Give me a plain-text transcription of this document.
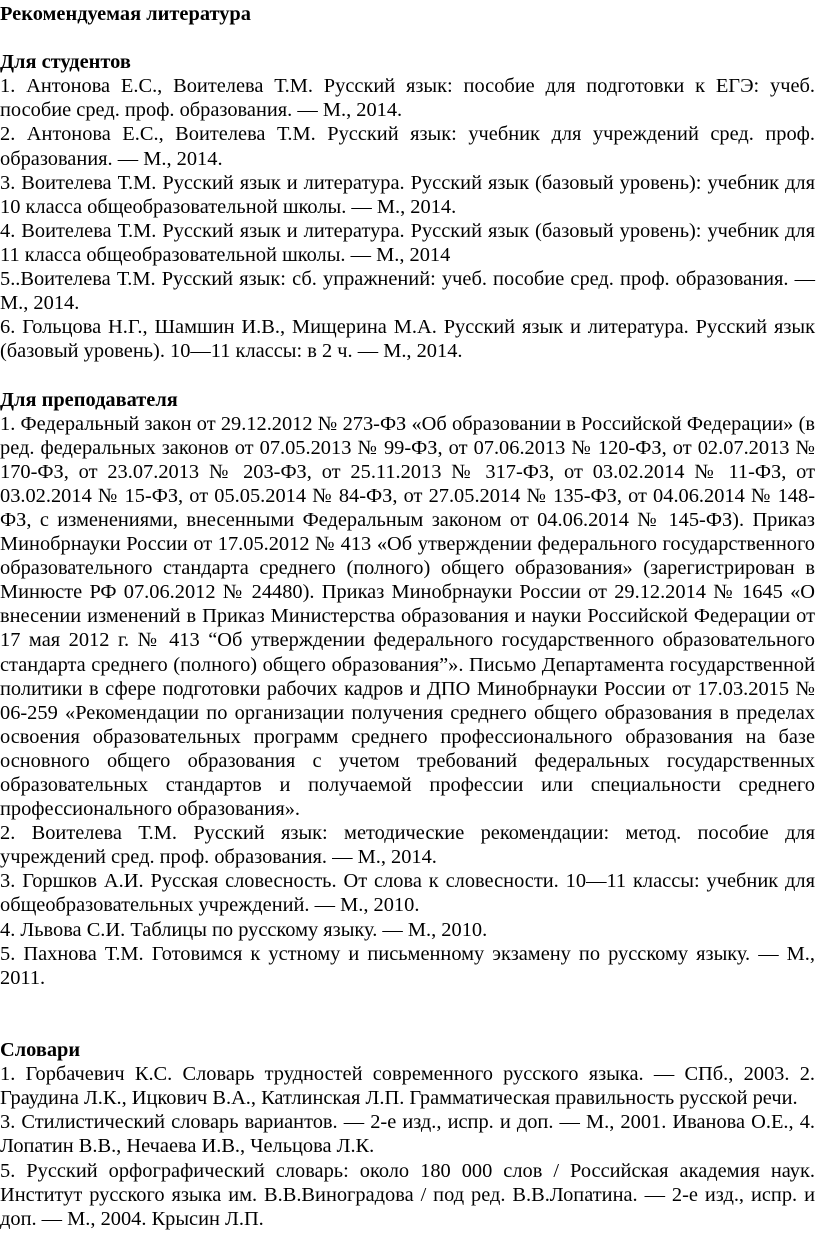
Рекомендуемая литература

Для студентов

1. Антонова Е.С., Воителева Т.М. Русский язык: пособие для подготовки к ЕГЭ: учеб. пособие сред. проф. образования. — М., 2014.

2. Антонова Е.С., Воителева Т.М. Русский язык: учебник для учреждений сред. проф. образования. — М., 2014.

3. Воителева Т.М. Русский язык и литература. Русский язык (базовый уровень): учебник для 10 класса общеобразовательной школы. — М., 2014.

4. Воителева Т.М. Русский язык и литература. Русский язык (базовый уровень): учебник для 11 класса общеобразовательной школы. — М., 2014

5..Воителева Т.М. Русский язык: сб. упражнений: учеб. пособие сред. проф. образования. — М., 2014.

6. Гольцова Н.Г., Шамшин И.В., Мищерина М.А. Русский язык и литература. Русский язык (базовый уровень). 10—11 классы: в 2 ч. — М., 2014.

Для преподавателя

1. Федеральный закон от 29.12.2012 № 273-ФЗ «Об образовании в Российской Федерации» (в ред. федеральных законов от 07.05.2013 № 99-ФЗ, от 07.06.2013 № 120-ФЗ, от 02.07.2013 № 170-ФЗ, от 23.07.2013 № 203-ФЗ, от 25.11.2013 № 317-ФЗ, от 03.02.2014 № 11-ФЗ, от 03.02.2014 № 15-ФЗ, от 05.05.2014 № 84-ФЗ, от 27.05.2014 № 135-ФЗ, от 04.06.2014 № 148-ФЗ, с изменениями, внесенными Федеральным законом от 04.06.2014 № 145-ФЗ). Приказ Минобрнауки России от 17.05.2012 № 413 «Об утверждении федерального государственного образовательного стандарта среднего (полного) общего образования» (зарегистрирован в Минюсте РФ 07.06.2012 № 24480). Приказ Минобрнауки России от 29.12.2014 № 1645 «О внесении изменений в Приказ Министерства образования и науки Российской Федерации от 17 мая 2012 г. № 413 “Об утверждении федерального государственного образовательного стандарта среднего (полного) общего образования”». Письмо Департамента государственной политики в сфере подготовки рабочих кадров и ДПО Минобрнауки России от 17.03.2015 № 06-259 «Рекомендации по организации получения среднего общего образования в пределах освоения образовательных программ среднего профессионального образования на базе основного общего образования с учетом требований федеральных государственных образовательных стандартов и получаемой профессии или специальности среднего профессионального образования».

2. Воителева Т.М. Русский язык: методические рекомендации: метод. пособие для учреждений сред. проф. образования. — М., 2014.

3. Горшков А.И. Русская словесность. От слова к словесности. 10—11 классы: учебник для общеобразовательных учреждений. — М., 2010.

4. Львова С.И. Таблицы по русскому языку. — М., 2010.

5. Пахнова Т.М. Готовимся к устному и письменному экзамену по русскому языку. — М., 2011.

Словари

1. Горбачевич К.С. Словарь трудностей современного русского языка. — СПб., 2003. 2. Граудина Л.К., Ицкович В.А., Катлинская Л.П. Грамматическая правильность русской речи.

3. Стилистический словарь вариантов. — 2-е изд., испр. и доп. — М., 2001. Иванова О.Е., 4. Лопатин В.В., Нечаева И.В., Чельцова Л.К.

5. Русский орфографический словарь: около 180 000 слов / Российская академия наук. Институт русского языка им. В.В.Виноградова / под ред. В.В.Лопатина. — 2-е изд., испр. и доп. — М., 2004. Крысин Л.П.
